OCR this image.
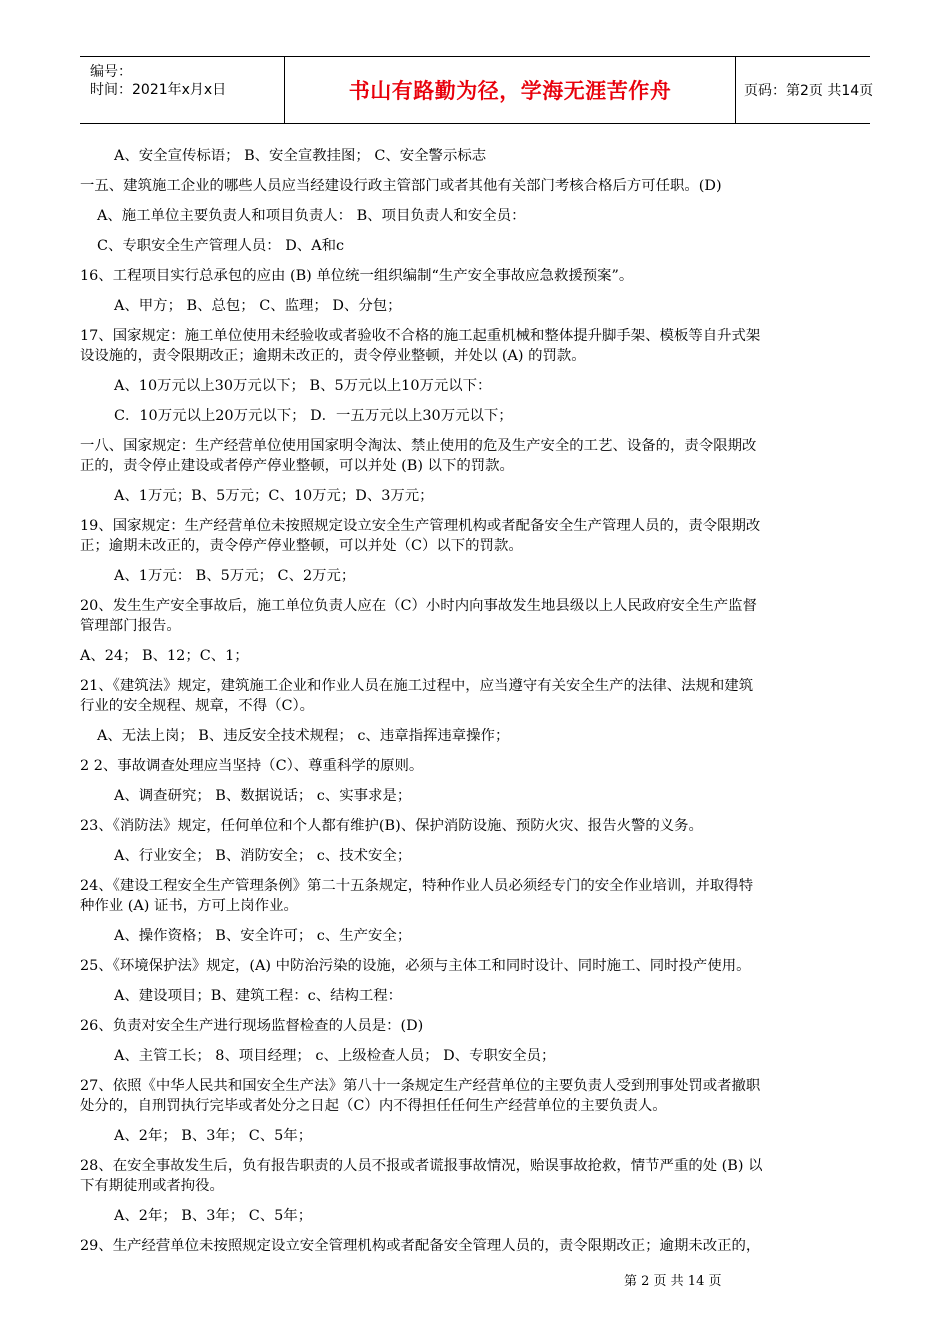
编号：
时间：2021年x月x日	书山有路勤为径，学海无涯苦作舟	页码：第2页 共14页
A、安全宣传标语； B、安全宣教挂图； C、安全警示标志
一五、建筑施工企业的哪些人员应当经建设行政主管部门或者其他有关部门考核合格后方可任职。(D)
A、施工单位主要负责人和项目负责人： B、项目负责人和安全员：
C、专职安全生产管理人员： D、A和c
16、工程项目实行总承包的应由 (B) 单位统一组织编制“生产安全事故应急救援预案”。
A、甲方； B、总包； C、监理； D、分包；
17、国家规定：施工单位使用未经验收或者验收不合格的施工起重机械和整体提升脚手架、模板等自升式架
设设施的，责令限期改正；逾期未改正的，责令停业整顿，并处以 (A) 的罚款。
A、10万元以上30万元以下； B、5万元以上10万元以下：
C．10万元以上20万元以下； D．一五万元以上30万元以下；
一八、国家规定：生产经营单位使用国家明令淘汰、禁止使用的危及生产安全的工艺、设备的，责令限期改
正的，责令停止建设或者停产停业整顿，可以并处 (B) 以下的罚款。
A、1万元；B、5万元；C、10万元；D、3万元；
19、国家规定：生产经营单位未按照规定设立安全生产管理机构或者配备安全生产管理人员的，责令限期改
正；逾期未改正的，责令停产停业整顿，可以并处（C）以下的罚款。
A、1万元： B、5万元； C、2万元；
20、发生生产安全事故后，施工单位负责人应在（C）小时内向事故发生地县级以上人民政府安全生产监督
管理部门报告。
A、24； B、12；C、1；
21、《建筑法》规定，建筑施工企业和作业人员在施工过程中，应当遵守有关安全生产的法律、法规和建筑
行业的安全规程、规章，不得（C）。
A、无法上岗； B、违反安全技术规程； c、违章指挥违章操作；
2 2、事故调查处理应当坚持（C）、尊重科学的原则。
A、调查研究； B、数据说话； c、实事求是；
23、《消防法》规定，任何单位和个人都有维护(B)、保护消防设施、预防火灾、报告火警的义务。
A、行业安全； B、消防安全； c、技术安全；
24、《建设工程安全生产管理条例》第二十五条规定，特种作业人员必须经专门的安全作业培训，并取得特
种作业 (A) 证书，方可上岗作业。
A、操作资格； B、安全许可； c、生产安全；
25、《环境保护法》规定，(A) 中防治污染的设施，必须与主体工和同时设计、同时施工、同时投产使用。
A、建设项目；B、建筑工程：c、结构工程：
26、负责对安全生产进行现场监督检查的人员是：(D)
A、主管工长； 8、项目经理； c、上级检查人员； D、专职安全员；
27、依照《中华人民共和国安全生产法》第八十一条规定生产经营单位的主要负责人受到刑事处罚或者撤职
处分的，自刑罚执行完毕或者处分之日起（C）内不得担任任何生产经营单位的主要负责人。
A、2年； B、3年； C、5年；
28、在安全事故发生后，负有报告职责的人员不报或者谎报事故情况，贻误事故抢救，情节严重的处 (B) 以
下有期徒刑或者拘役。
A、2年； B、3年； C、5年；
29、生产经营单位未按照规定设立安全管理机构或者配备安全管理人员的，责令限期改正；逾期未改正的，
第 2 页 共 14 页
